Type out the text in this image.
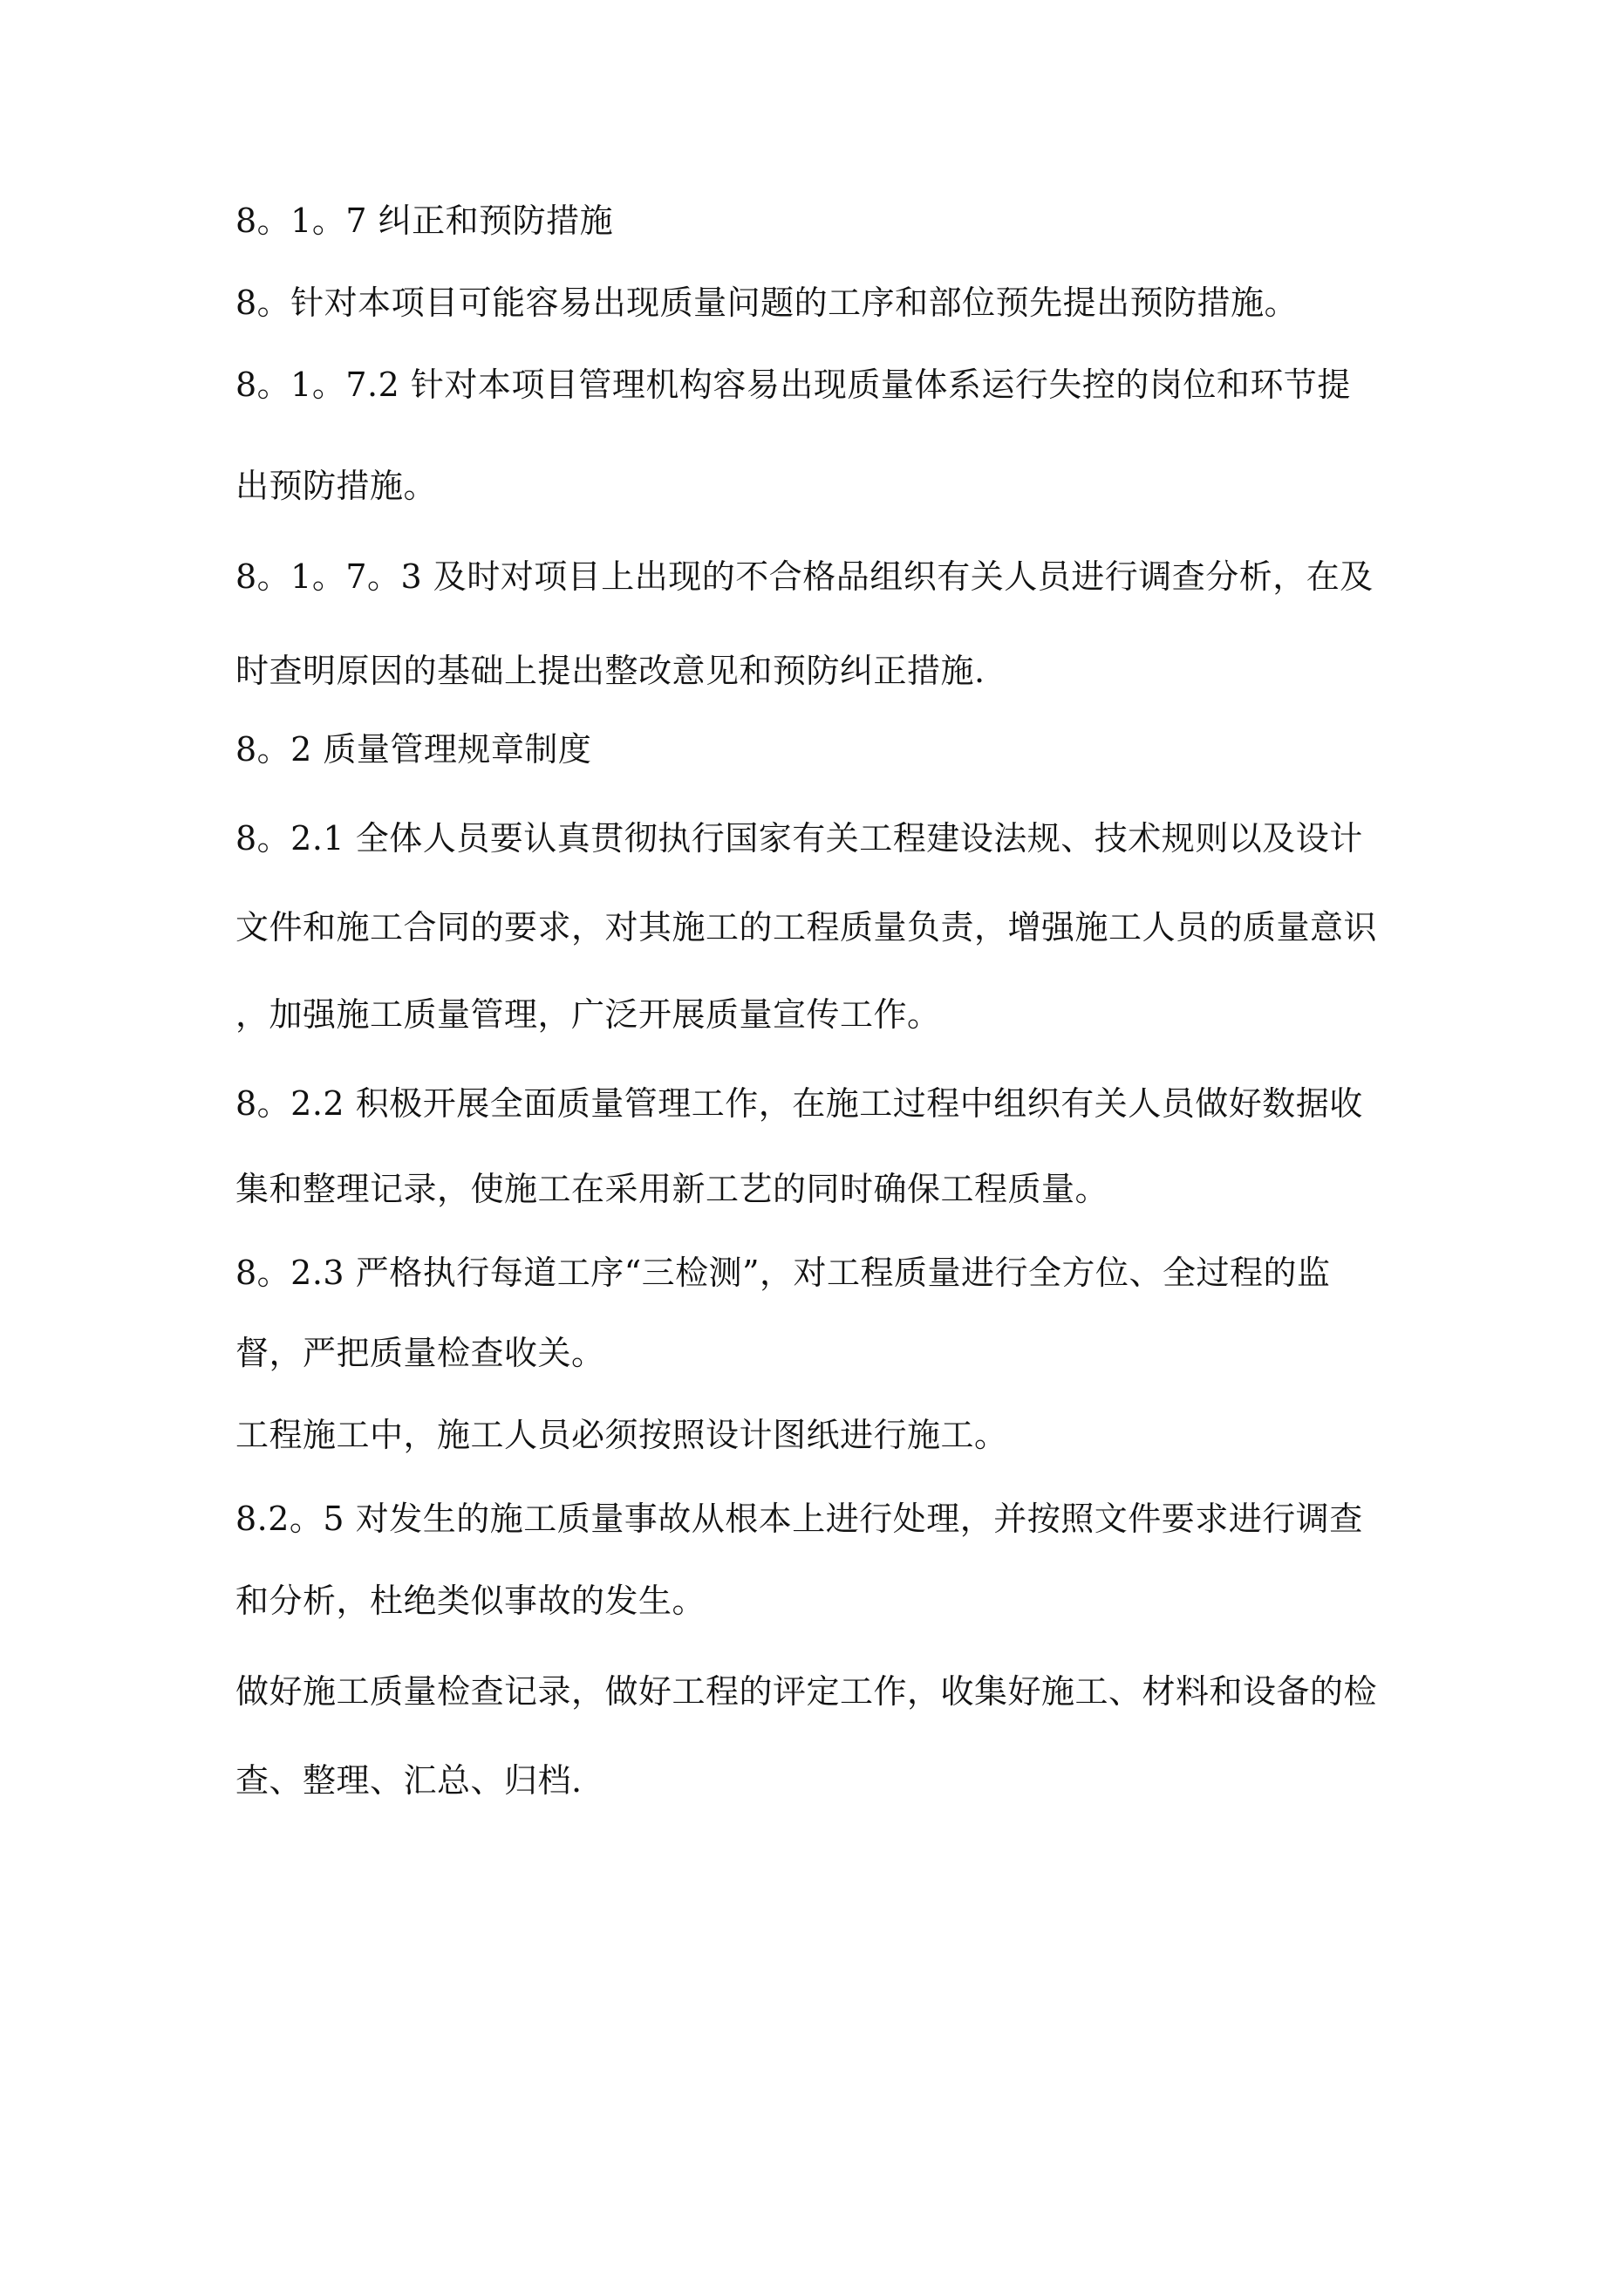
8。1。7 纠正和预防措施
8。针对本项目可能容易出现质量问题的工序和部位预先提出预防措施。
8。1。7.2 针对本项目管理机构容易出现质量体系运行失控的岗位和环节提
出预防措施。
8。1。7。3 及时对项目上出现的不合格品组织有关人员进行调查分析，在及
时查明原因的基础上提出整改意见和预防纠正措施.
8。2 质量管理规章制度
8。2.1 全体人员要认真贯彻执行国家有关工程建设法规、技术规则以及设计
文件和施工合同的要求，对其施工的工程质量负责，增强施工人员的质量意识
，加强施工质量管理，广泛开展质量宣传工作。
8。2.2 积极开展全面质量管理工作，在施工过程中组织有关人员做好数据收
集和整理记录，使施工在采用新工艺的同时确保工程质量。
8。2.3 严格执行每道工序“三检测”，对工程质量进行全方位、全过程的监
督，严把质量检查收关。
工程施工中，施工人员必须按照设计图纸进行施工。
8.2。5 对发生的施工质量事故从根本上进行处理，并按照文件要求进行调查
和分析，杜绝类似事故的发生。
做好施工质量检查记录，做好工程的评定工作，收集好施工、材料和设备的检
查、整理、汇总、归档.
